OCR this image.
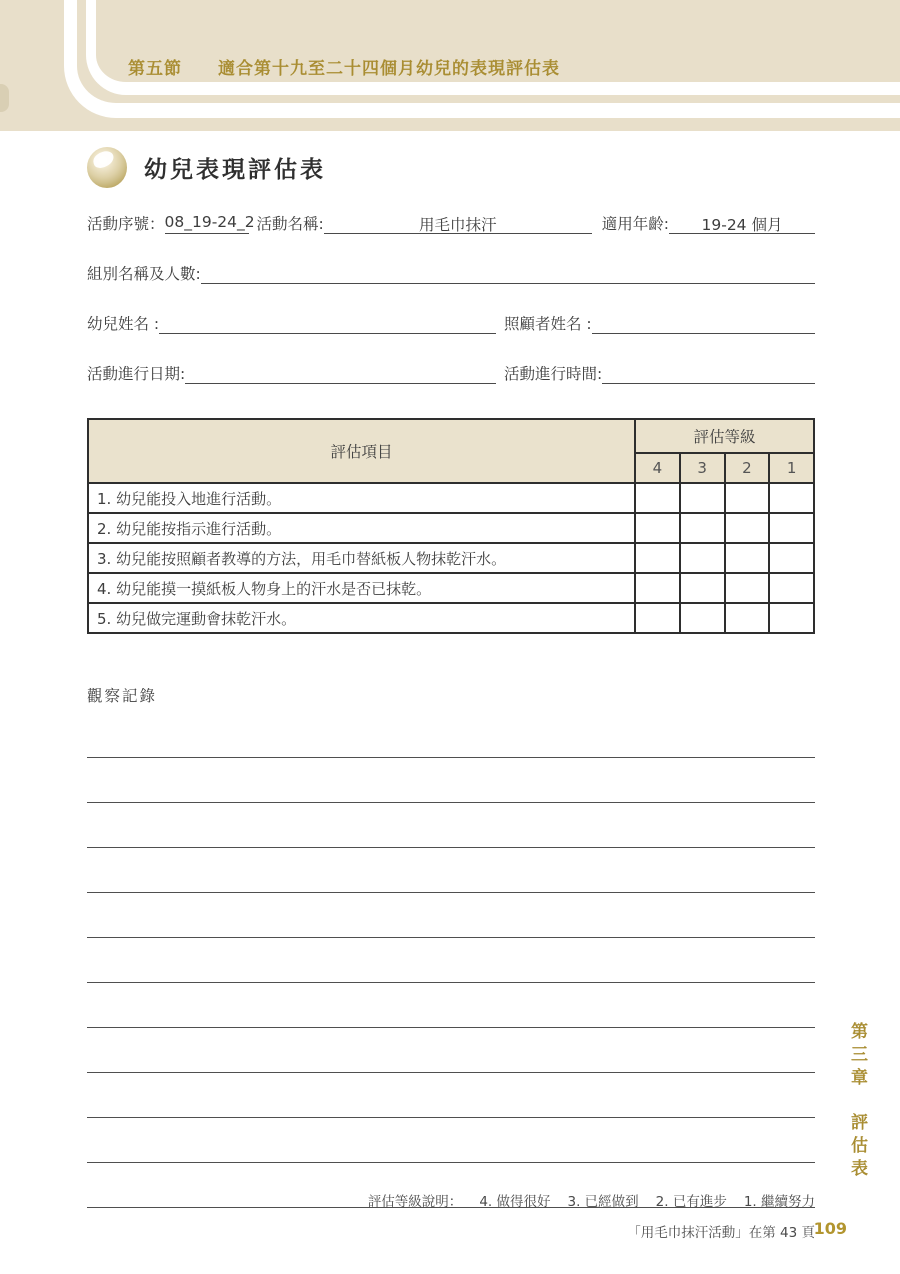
第五節 適合第十九至二十四個月幼兒的表現評估表
幼兒表現評估表
活動序號： 08_19-24_2 活動名稱:	用毛巾抹汗	適用年齡:	19-24 個月
組別名稱及人數:
幼兒姓名 :	照顧者姓名 :
活動進行日期:	活動進行時間:
評估項目	評估等級			
	4	3	2	1
1. 幼兒能投入地進行活動。				
2. 幼兒能按指示進行活動。				
3. 幼兒能按照顧者教導的方法，用毛巾替紙板人物抹乾汗水。				
4. 幼兒能摸一摸紙板人物身上的汗水是否已抹乾。				
5. 幼兒做完運動會抹乾汗水。				
觀察記錄
第三章
評估表
評估等級說明： 4. 做得很好 3. 已經做到 2. 已有進步 1. 繼續努力
「用毛巾抹汗活動」在第 43 頁
109
